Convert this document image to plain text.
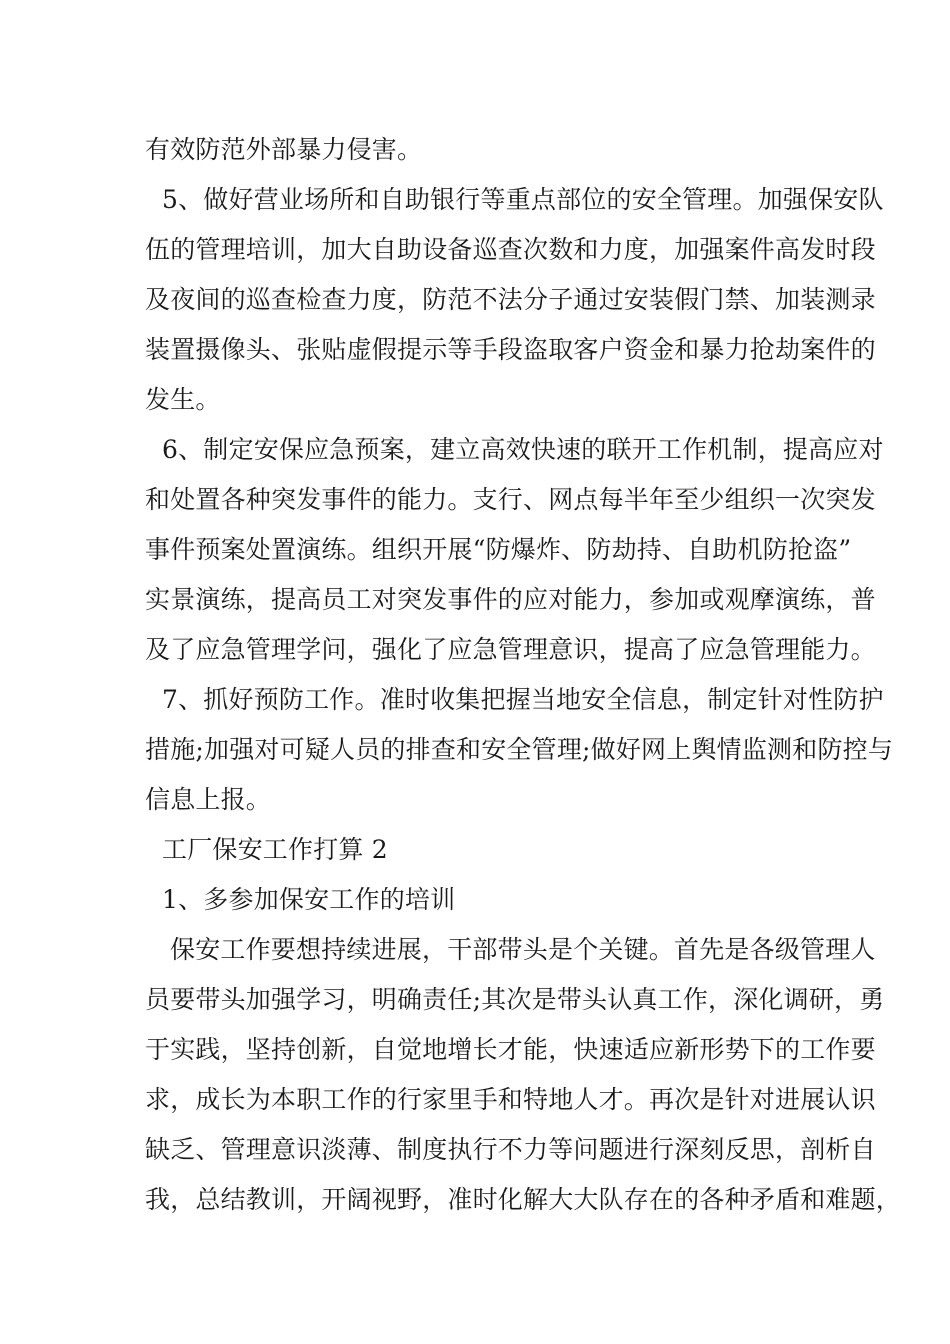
有效防范外部暴力侵害。
5、做好营业场所和自助银行等重点部位的安全管理。加强保安队
伍的管理培训，加大自助设备巡查次数和力度，加强案件高发时段
及夜间的巡查检查力度，防范不法分子通过安装假门禁、加装测录
装置摄像头、张贴虚假提示等手段盗取客户资金和暴力抢劫案件的
发生。
6、制定安保应急预案，建立高效快速的联开工作机制，提高应对
和处置各种突发事件的能力。支行、网点每半年至少组织一次突发
事件预案处置演练。组织开展“防爆炸、防劫持、自助机防抢盗”
实景演练，提高员工对突发事件的应对能力，参加或观摩演练，普
及了应急管理学问，强化了应急管理意识，提高了应急管理能力。
7、抓好预防工作。准时收集把握当地安全信息，制定针对性防护
措施;加强对可疑人员的排查和安全管理;做好网上舆情监测和防控与
信息上报。
工厂保安工作打算 2
1、多参加保安工作的培训
保安工作要想持续进展，干部带头是个关键。首先是各级管理人
员要带头加强学习，明确责任;其次是带头认真工作，深化调研，勇
于实践，坚持创新，自觉地增长才能，快速适应新形势下的工作要
求，成长为本职工作的行家里手和特地人才。再次是针对进展认识
缺乏、管理意识淡薄、制度执行不力等问题进行深刻反思，剖析自
我，总结教训，开阔视野，准时化解大大队存在的各种矛盾和难题，
